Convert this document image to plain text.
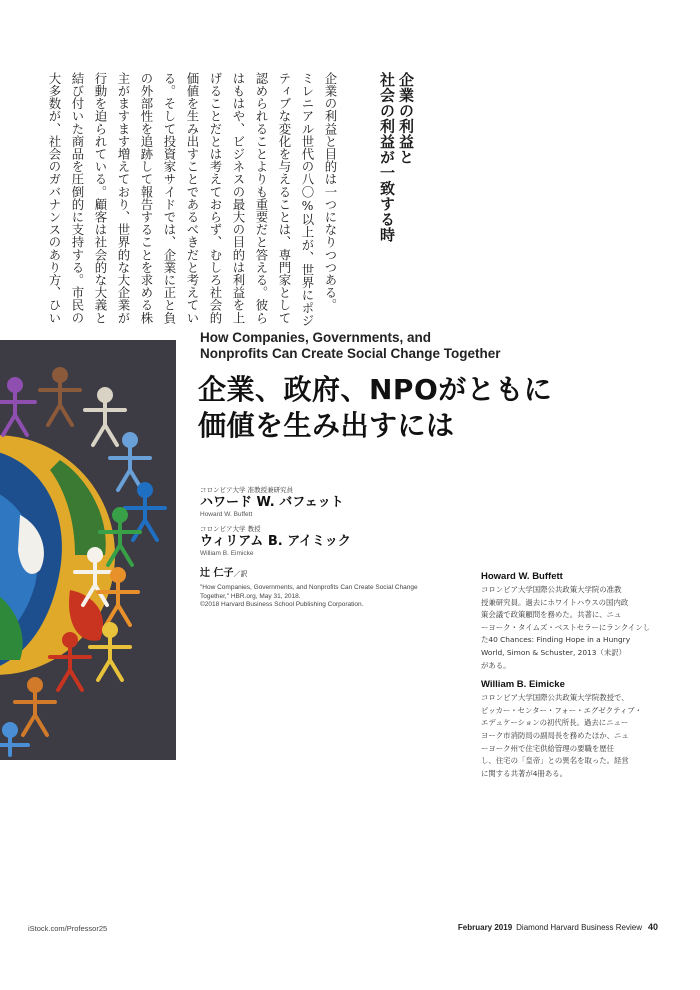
企業の利益と
社会の利益が一致する時
企業の利益と目的は一つになりつつある。
ミレニアル世代の八〇%以上が、世界にポジ
ティブな変化を与えることは、専門家として
認められることよりも重要だと答える。彼ら
はもはや、ビジネスの最大の目的は利益を上
げることだとは考えておらず、むしろ社会的
価値を生み出すことであるべきだと考えてい
る。そして投資家サイドでは、企業に正と負
の外部性を追跡して報告することを求める株
主がますます増えており、世界的な大企業が
行動を迫られている。顧客は社会的な大義と
結び付いた商品を圧倒的に支持する。市民の
大多数が、社会のガバナンスのあり方、ひい
How Companies, Governments, and
Nonprofits Can Create Social Change Together
企業、政府、NPOがともに
価値を生み出すには
コロンビア大学 准教授兼研究員
ハワード W. バフェット
Howard W. Buffett
コロンビア大学 教授
ウィリアム B. アイミック
William B. Eimicke
辻 仁子／訳
"How Companies, Governments, and Nonprofits Can Create Social Change
Together," HBR.org, May 31, 2018.
©2018 Harvard Business School Publishing Corporation.
Howard W. Buffett
コロンビア大学国際公共政策大学院の准教
授兼研究員。過去にホワイトハウスの国内政
策会議で政策顧問を務めた。共著に、ニュ
ーヨーク・タイムズ・ベストセラーにランクインし
た40 Chances: Finding Hope in a Hungry
World, Simon & Schuster, 2013（未訳）
がある。
William B. Eimicke
コロンビア大学国際公共政策大学院教授で、
ピッカー・センター・フォー・エグゼクティブ・
エデュケーションの初代所長。過去にニュー
ヨーク市消防局の副局長を務めたほか、ニュ
ーヨーク州で住宅供給管理の要職を歴任
し、住宅の「皇帝」との異名を取った。経営
に関する共著が4冊ある。
iStock.com/Professor25	February 2019 Diamond Harvard Business Review 40
